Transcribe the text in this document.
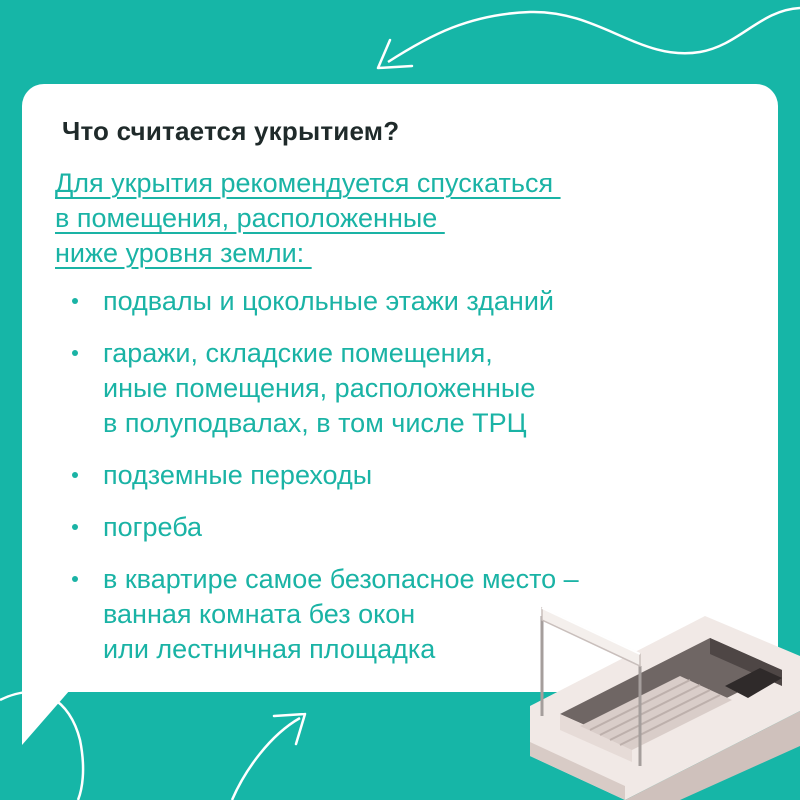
Что считается укрытием?
Для укрытия рекомендуется спускаться
в помещения, расположенные
ниже уровня земли:
подвалы и цокольные этажи зданий
гаражи, складские помещения,
иные помещения, расположенные
в полуподвалах, в том числе ТРЦ
подземные переходы
погреба
в квартире самое безопасное место –
ванная комната без окон
или лестничная площадка
